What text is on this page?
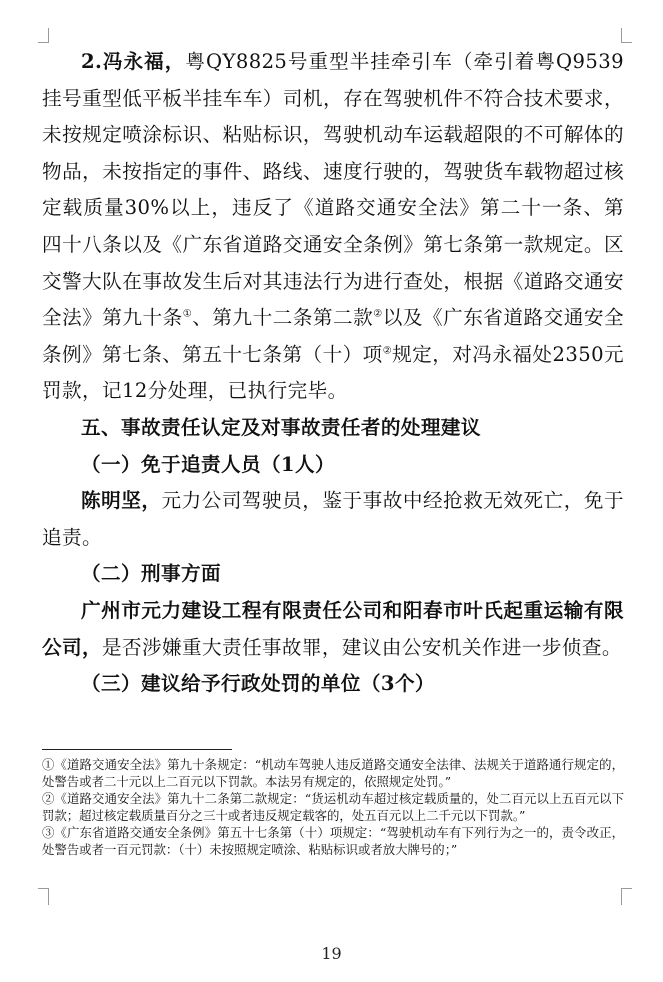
2.冯永福，粤QY8825号重型半挂牵引车（牵引着粤Q9539挂号重型低平板半挂车车）司机，存在驾驶机件不符合技术要求，未按规定喷涂标识、粘贴标识，驾驶机动车运载超限的不可解体的物品，未按指定的事件、路线、速度行驶的，驾驶货车载物超过核定载质量30%以上，违反了《道路交通安全法》第二十一条、第四十八条以及《广东省道路交通安全条例》第七条第一款规定。区交警大队在事故发生后对其违法行为进行查处，根据《道路交通安全法》第九十条①、第九十二条第二款②以及《广东省道路交通安全条例》第七条、第五十七条第（十）项②规定，对冯永福处2350元罚款，记12分处理，已执行完毕。

五、事故责任认定及对事故责任者的处理建议
（一）免于追责人员（1人）

陈明坚，元力公司驾驶员，鉴于事故中经抢救无效死亡，免于追责。

（二）刑事方面

广州市元力建设工程有限责任公司和阳春市叶氏起重运输有限公司，是否涉嫌重大责任事故罪，建议由公安机关作进一步侦查。

（三）建议给予行政处罚的单位（3个）

①《道路交通安全法》第九十条规定：“机动车驾驶人违反道路交通安全法律、法规关于道路通行规定的，处警告或者二十元以上二百元以下罚款。本法另有规定的，依照规定处罚。”

②《道路交通安全法》第九十二条第二款规定：“货运机动车超过核定载质量的，处二百元以上五百元以下罚款；超过核定载质量百分之三十或者违反规定载客的，处五百元以上二千元以下罚款。”

③《广东省道路交通安全条例》第五十七条第（十）项规定：“驾驶机动车有下列行为之一的，责令改正，处警告或者一百元罚款：（十）未按照规定喷涂、粘贴标识或者放大牌号的；”

19
